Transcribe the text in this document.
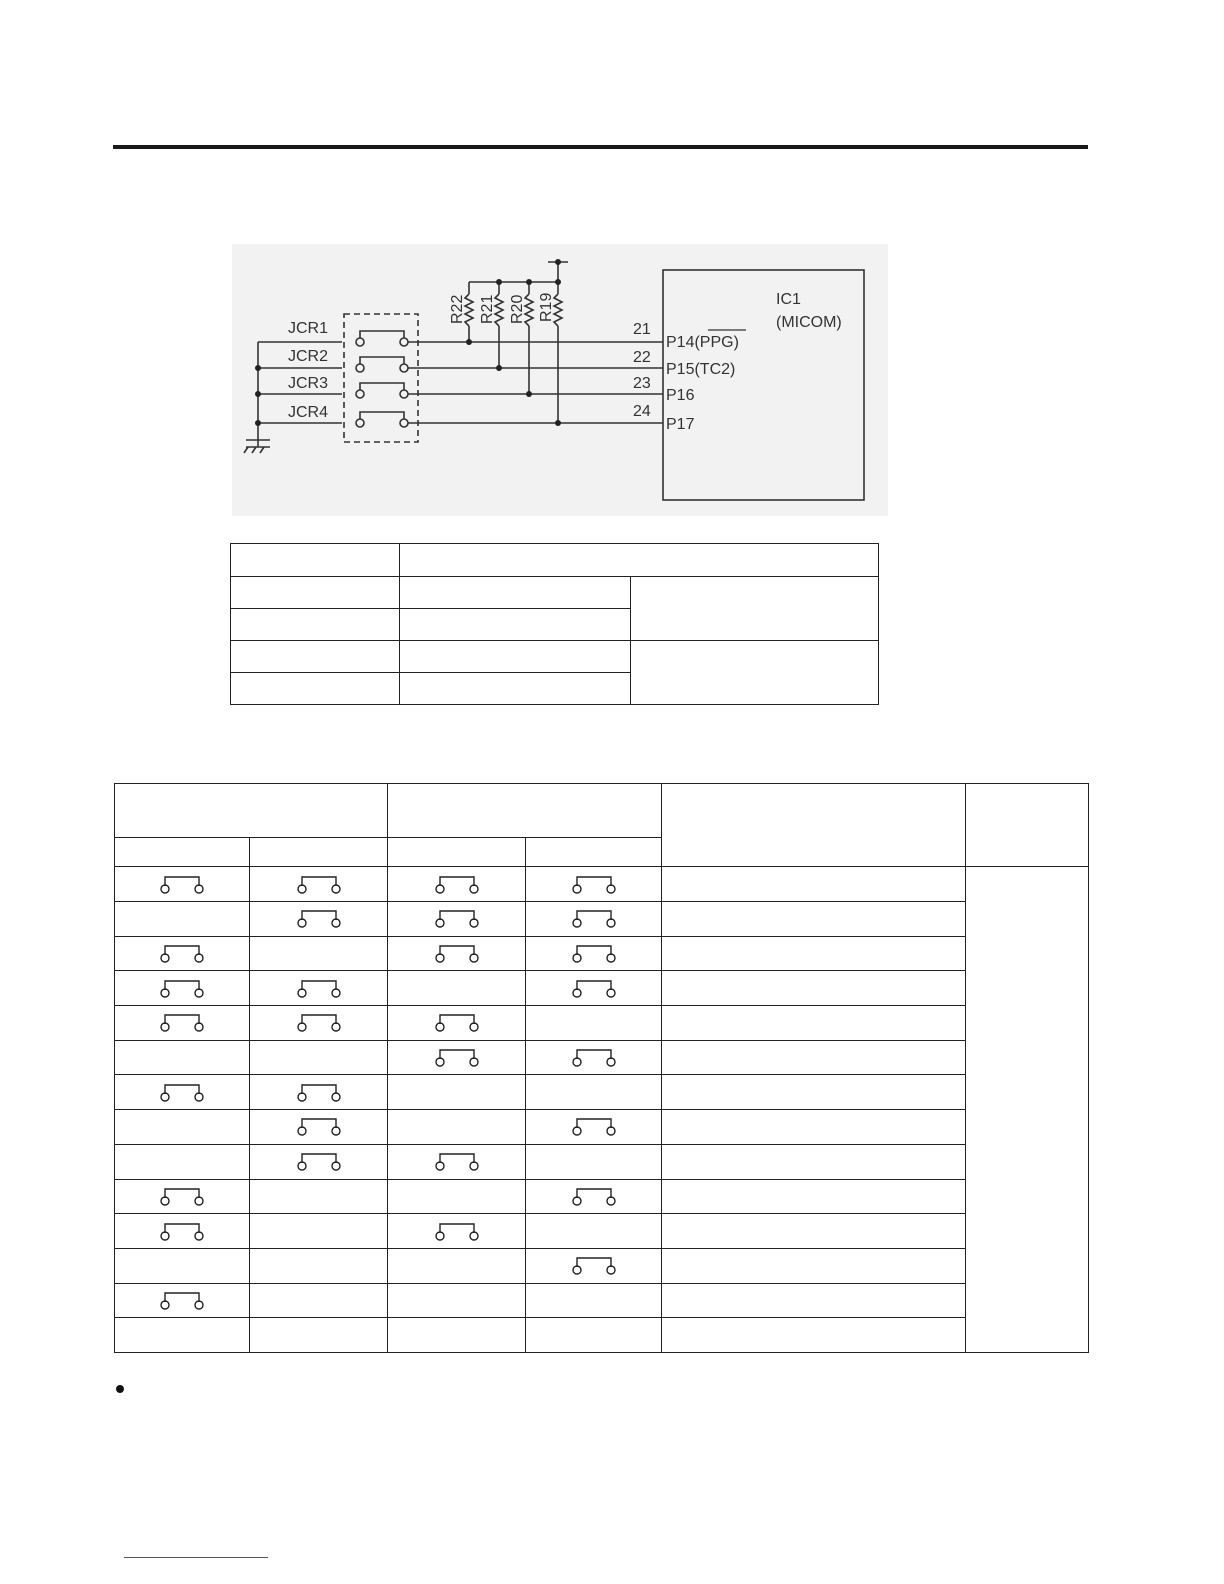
JCR1
JCR2
JCR3
JCR4
R22 R21 R20 R19
21
22
23
24
P14(PPG)
P15(TC2)
P16
P17
IC1
(MICOM)
